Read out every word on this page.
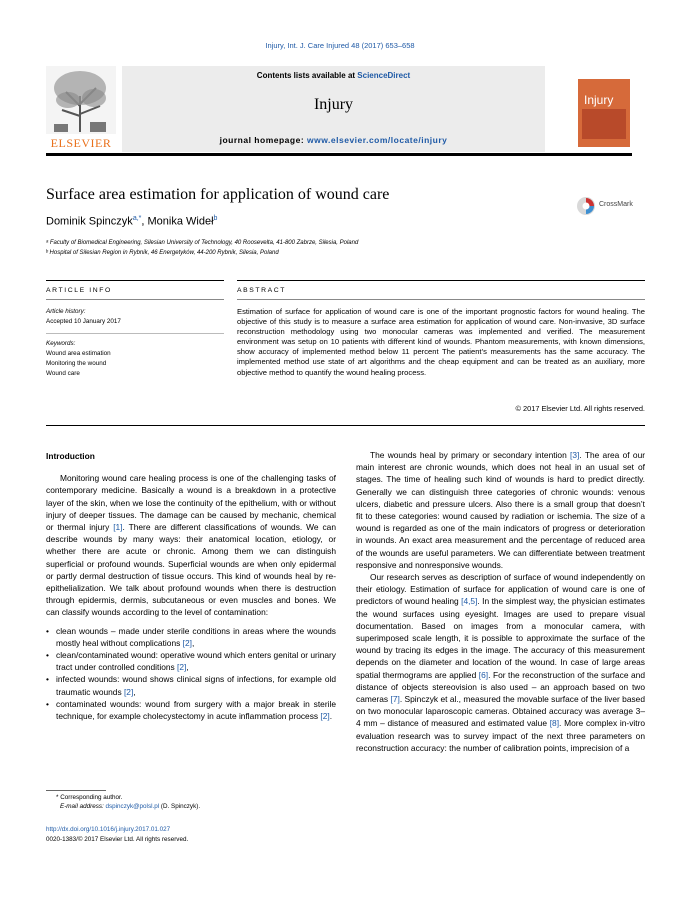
Injury, Int. J. Care Injured 48 (2017) 653–658
ELSEVIER
Contents lists available at ScienceDirect
Injury
journal homepage: www.elsevier.com/locate/injury
Injury
Surface area estimation for application of wound care
CrossMark
Dominik Spinczyk$^{a,*}$, Monika Wideł$^b$
ᵃ Faculty of Biomedical Engineering, Silesian University of Technology, 40 Roosevelta, 41-800 Zabrze, Silesia, Poland
ᵇ Hospital of Silesian Region in Rybnik, 46 Energetyków, 44-200 Rybnik, Silesia, Poland
ARTICLE INFO	ABSTRACT
Article history:
Accepted 10 January 2017
Keywords:
Wound area estimation
Monitoring the wound
Wound care
Estimation of surface for application of wound care is one of the important prognostic factors for wound healing. The objective of this study is to measure a surface area estimation for application of wound care. Non-invasive, 3D surface reconstruction methodology using two monocular cameras was implemented and verified. The measurement environment was setup on 10 patients with different kind of wounds. Phantom measurements, with known dimensions, show accuracy of implemented method below 11 percent The patient’s measurements has the same accuracy. The implemented method use state of art algorithms and the cheap equipment and can be treated as an auxiliary, more objective method to quantify the wound healing process.
© 2017 Elsevier Ltd. All rights reserved.

Introduction

Monitoring wound care healing process is one of the challenging tasks of contemporary medicine. Basically a wound is a breakdown in a protective layer of the skin, when we lose the continuity of the epithelium, with or without injury of deeper tissues. The damage can be caused by mechanic, chemical or thermal injury [1]. There are different classifications of wounds. We can describe wounds by many ways: their anatomical location, etiology, or whether there are acute or chronic. Among them we can distinguish superficial or profound wounds. Superficial wounds are when only epidermal or partly dermal destruction of tissue occurs. This kind of wounds heal by re-epithelialization. We talk about profound wounds when there is destruction through epidermis, dermis, subcutaneous or even muscles and bones. We can classify wounds according to the level of contamination:

• clean wounds – made under sterile conditions in areas where the wounds mostly heal without complications [2],
• clean/contaminated wound: operative wound which enters genital or urinary tract under controlled conditions [2],
• infected wounds: wound shows clinical signs of infections, for example old traumatic wounds [2],
• contaminated wounds: wound from surgery with a major break in sterile technique, for example cholecystectomy in acute inflammation process [2].

The wounds heal by primary or secondary intention [3]. The area of our main interest are chronic wounds, which does not heal in an usual set of stages. The time of healing such kind of wounds is hard to predict directly. Generally we can distinguish three categories of chronic wounds: venous ulcers, diabetic and pressure ulcers. Also there is a small group that doesn’t fit to these categories: wound caused by radiation or ischemia. The size of a wound is regarded as one of the main indicators of progress or deterioration in wounds. An exact area measurement and the percentage of reduced area of the wounds are useful parameters. We can differentiate between treatment responsive and nonresponsive wounds.

Our research serves as description of surface of wound independently on their etiology. Estimation of surface for application of wound care is one of predictors of wound healing [4,5]. In the simplest way, the physician estimates the wound surfaces using eyesight. Images are used to prepare visual documentation. Based on images from a monocular camera, with superimposed scale length, it is possible to approximate the surface of the wound by tracing its edges in the image. The accuracy of this measurement depends on the diameter and location of the wound. In case of large areas spatial thermograms are applied [6]. For the reconstruction of the surface and distance of objects stereovision is also used – an approach based on two cameras [7]. Spinczyk et al., measured the movable surface of the liver based on two monocular laparoscopic cameras. Obtained accuracy was average 3–4 mm – distance of measured and estimated value [8]. More complex in-vitro evaluation research was to survey impact of the next three parameters on reconstruction accuracy: the number of calibration points, imprecision of a

* Corresponding author.
E-mail address: dspinczyk@polsl.pl (D. Spinczyk).
http://dx.doi.org/10.1016/j.injury.2017.01.027
0020-1383/© 2017 Elsevier Ltd. All rights reserved.
